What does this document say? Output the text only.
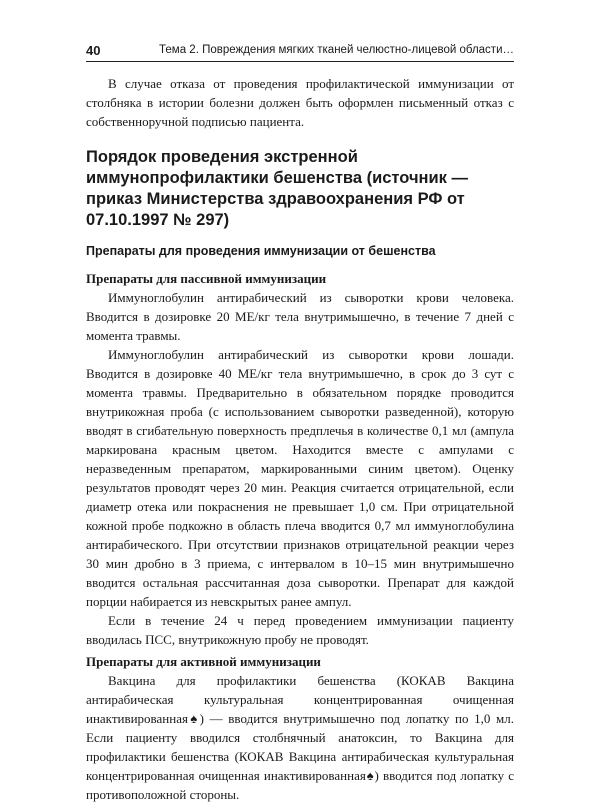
40	Тема 2. Повреждения мягких тканей челюстно-лицевой области…

В случае отказа от проведения профилактической иммунизации от столбняка в истории болезни должен быть оформлен письменный отказ с собственноручной подписью пациента.

Порядок проведения экстренной иммунопрофилактики бешенства (источник — приказ Министерства здравоохранения РФ от 07.10.1997 № 297)
Препараты для проведения иммунизации от бешенства
Препараты для пассивной иммунизации

Иммуноглобулин антирабический из сыворотки крови человека. Вводится в дозировке 20 МЕ/кг тела внутримышечно, в течение 7 дней с момента травмы.

Иммуноглобулин антирабический из сыворотки крови лошади. Вводится в дозировке 40 МЕ/кг тела внутримышечно, в срок до 3 сут с момента травмы. Предварительно в обязательном порядке проводится внутрикожная проба (с использованием сыворотки разведенной), которую вводят в сгибательную поверхность предплечья в количестве 0,1 мл (ампула маркирована красным цветом. Находится вместе с ампулами с неразведенным препаратом, маркированными синим цветом). Оценку результатов проводят через 20 мин. Реакция считается отрицательной, если диаметр отека или покраснения не превышает 1,0 см. При отрицательной кожной пробе подкожно в область плеча вводится 0,7 мл иммуноглобулина антирабического. При отсутствии признаков отрицательной реакции через 30 мин дробно в 3 приема, с интервалом в 10–15 мин внутримышечно вводится остальная рассчитанная доза сыворотки. Препарат для каждой порции набирается из невскрытых ранее ампул.

Если в течение 24 ч перед проведением иммунизации пациенту вводилась ПСС, внутрикожную пробу не проводят.

Препараты для активной иммунизации

Вакцина для профилактики бешенства (КОКАВ Вакцина антирабическая культуральная концентрированная очищенная инактивированная♠) — вводится внутримышечно под лопатку по 1,0 мл. Если пациенту вводился столбнячный анатоксин, то Вакцина для профилактики бешенства (КОКАВ Вакцина антирабическая культуральная концентрированная очищенная инактивированная♠) вводится под лопатку с противоположной стороны.
